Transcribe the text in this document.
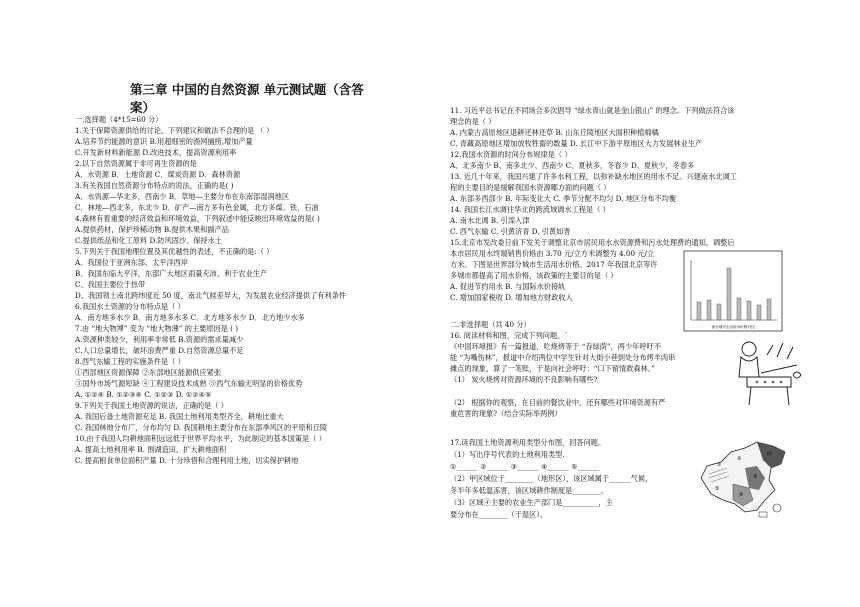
第三章 中国的自然资源 单元测试题（含答案）
一.选择题（4*15=60 分）
1.关于保障资源供给的讨论，下列建议和做法不合理的是 （ ）
A.培养节约能源的意识 B.用超细密的渔网捕捞,增加产量
C.开发新材料新能源 D.改进技术，提高资源利用率
2.以下自然资源属于非可再生资源的是
A．水资源 B．土地资源 C．煤炭资源 D．森林资源
3.有关我国自然资源分布特点的说法，正确的是( )
A．水资源—华北多，西南少 B．草地—主要分布在东南部湿润地区
C．林地—西北多，东北少 D．矿产—南方多有色金属，北方多煤、铁、石油
4.森林有着重要的经济效益和环境效益，下列叙述中能反映出环境效益的是( )
A.提供药材，保护珍稀动物 B.提供木果和副产品
C.提供纸品和化工原料 D.防风固沙、保持水土
5.下列关于我国地理位置及其优越性的表述，不正确的是:（ ）
A、我国位于亚洲东部、太平洋西岸
B、我国东临大平洋，东部广大地区雨量充沛，利于农业生产
C、我国主要位于热带
D、我国领土南北跨纬度近 50 度，南北气候差异大，为发展农业经济提供了有利条件
6.我国水土资源的分布特点是（ ）
A．南方地多水少 B．南方地多水多 C．北方地多水少 D．北方地少水多
7.由 “地大物博” 变为 “地大物薄” 的主要原因是 ( )
A.资源种类较少，利用率非常低 B.资源的需求量减少
C.人口总量增长，破坏浪费严重 D.自然资源总量不足
8.西气东输工程的实施条件是（ ）
①西部地区资源保障 ②东部地区能源供应紧张
③国外市场气源短缺 ④工程建设技术成熟 ⑤西气东输无明显的价格优势
A. ①②④ B. ①②③④ C. ①②③ D. ①②④⑤
9.下列关于我国土地资源的说法，正确的是（ ）
A. 我国后备土地资源充足 B. 我国土地利用类型齐全，耕地比重大
C. 我国林地分布广，分布均匀 D. 我国耕地主要分布在东部季风区的平原和丘陵
10.由于我国人均耕地面积远远低于世界平均水平，为此制定的基本国策是（ ）
A. 提高土地利用率 B. 围湖造田，扩大耕地面积
C. 提高粮食单位面积产量 D. 十分珍惜和合理利用土地，切实保护耕地
11. 习近平总书记在不同场合多次倡导 “绿水青山就是金山银山” 的理念。下列做法符合该
理念的是（ ）
A. 内蒙古高原地区退耕还林还草 B. 山东丘陵地区大面积种植棉橘
C. 青藏高原地区增加放牧牲畜的数量 D. 长江中下游平原地区大力发展林业生产
12.我国水资源的时间分布规律是（ ）
A、北多南少 B、南多北少、西南少 C、夏秋多，冬春少 D、夏秋少，冬春多
13. 近几十年来，我国兴建了许多水利工程，以弥补缺水地区的用水不足。兴建南水北调工
程的主要目的是缓解我国水资源哪方面的问题（ ）
A. 东部多西部少 B. 年际变化大 C. 季节分配不均匀 D. 地区分布不均衡
14. 我国长江水调往华北的跨流域调水工程是（ ）
A. 南水北调 B. 引滦入津
C. 西气东输 C. 引黄济青 D. 引黄如晋
15.北京市发改委日前下发关于调整北京市居民用水水资源费和污水处理费的通知，调整后
本市居民用水终端销售价格由 3.70 元/立方米调整为 4.00 元/立
方米。下图是世界部分城市生活用水价格。2017 年我国北京等许
多城市都提高了用水价格，该政策的主要目的是（ ）
A. 促进节约用水 B. 与国际水价接轨
C. 增加国家税收 D. 增加地方财政收入
二.非选择题（共 40 分）
16. 阅读材料和图，完成下列问题。`
《中国环境报》有一篇报道，吃烧烤等于 “吞绿荫”，两少年呼吁不
能 “为嘴伤林”，报道中介绍两位中学生针对大街小巷到处分布烤羊肉串
摊点的现象，算了一笔账，于是向社会呼吁：“口下留情救森林。”
（1） 炭火烧烤对资源环境的不良影响有哪些?
（2） 根据你的观察，在目前的餐饮业中，还有哪些对环境资源有严
重危害的现象?（结合实际举两例）
17.读我国土地资源利用类型分布图，回答问题。
（1）写出序号代表的土地利用类型.
①______ ②______ ③______ ④______ ⑤______
（2）甲区域位于________（地形区），该区域属于______气候，
冬半年多低温冻害，该区域耕作制度是________。
（3）区域④主要的农业生产部门是__________，主
要分布在________（干湿区）。
部分城市生活用水价格对比
①
②
甲
③
④
⑤
